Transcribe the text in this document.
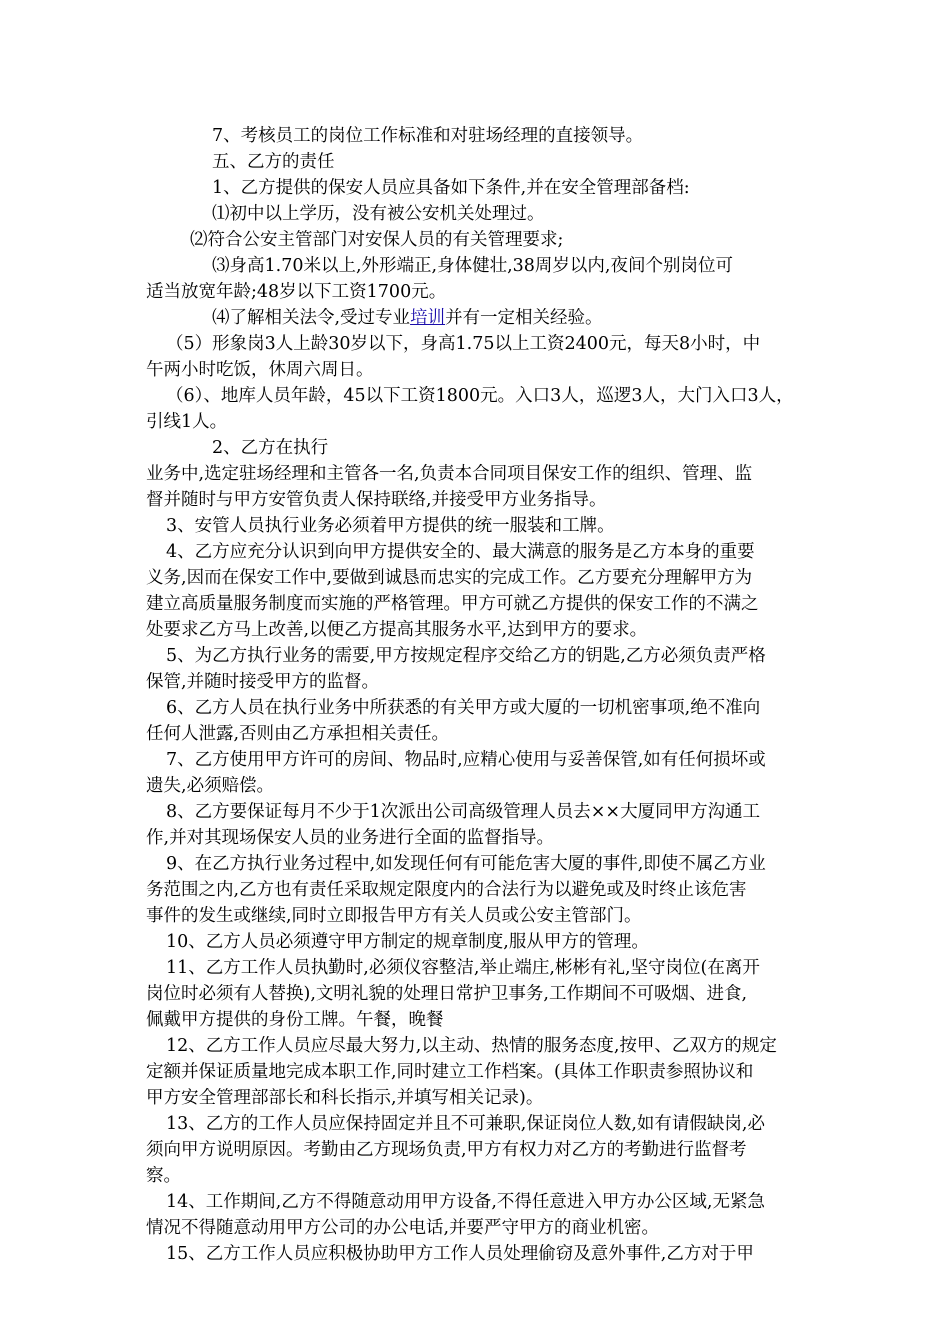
7、考核员工的岗位工作标准和对驻场经理的直接领导。
五、乙方的责任
1、乙方提供的保安人员应具备如下条件,并在安全管理部备档:
⑴初中以上学历，没有被公安机关处理过。
⑵符合公安主管部门对安保人员的有关管理要求;
⑶身高1.70米以上,外形端正,身体健壮,38周岁以内,夜间个别岗位可
适当放宽年龄;48岁以下工资1700元。
⑷了解相关法令,受过专业培训并有一定相关经验。
（5）形象岗3人上龄30岁以下，身高1.75以上工资2400元，每天8小时，中
午两小时吃饭，休周六周日。
（6）、地库人员年龄，45以下工资1800元。入口3人，巡逻3人，大门入口3人，
引线1人。
2、乙方在执行
业务中,选定驻场经理和主管各一名,负责本合同项目保安工作的组织、管理、监
督并随时与甲方安管负责人保持联络,并接受甲方业务指导。
3、安管人员执行业务必须着甲方提供的统一服装和工牌。
4、乙方应充分认识到向甲方提供安全的、最大满意的服务是乙方本身的重要
义务,因而在保安工作中,要做到诚恳而忠实的完成工作。乙方要充分理解甲方为
建立高质量服务制度而实施的严格管理。甲方可就乙方提供的保安工作的不满之
处要求乙方马上改善,以便乙方提高其服务水平,达到甲方的要求。
5、为乙方执行业务的需要,甲方按规定程序交给乙方的钥匙,乙方必须负责严格
保管,并随时接受甲方的监督。
6、乙方人员在执行业务中所获悉的有关甲方或大厦的一切机密事项,绝不准向
任何人泄露,否则由乙方承担相关责任。
7、乙方使用甲方许可的房间、物品时,应精心使用与妥善保管,如有任何损坏或
遗失,必须赔偿。
8、乙方要保证每月不少于1次派出公司高级管理人员去××大厦同甲方沟通工
作,并对其现场保安人员的业务进行全面的监督指导。
9、在乙方执行业务过程中,如发现任何有可能危害大厦的事件,即使不属乙方业
务范围之内,乙方也有责任采取规定限度内的合法行为以避免或及时终止该危害
事件的发生或继续,同时立即报告甲方有关人员或公安主管部门。
10、乙方人员必须遵守甲方制定的规章制度,服从甲方的管理。
11、乙方工作人员执勤时,必须仪容整洁,举止端庄,彬彬有礼,坚守岗位(在离开
岗位时必须有人替换),文明礼貌的处理日常护卫事务,工作期间不可吸烟、进食,
佩戴甲方提供的身份工牌。午餐，晚餐
12、乙方工作人员应尽最大努力,以主动、热情的服务态度,按甲、乙双方的规定
定额并保证质量地完成本职工作,同时建立工作档案。(具体工作职责参照协议和
甲方安全管理部部长和科长指示,并填写相关记录)。
13、乙方的工作人员应保持固定并且不可兼职,保证岗位人数,如有请假缺岗,必
须向甲方说明原因。考勤由乙方现场负责,甲方有权力对乙方的考勤进行监督考
察。
14、工作期间,乙方不得随意动用甲方设备,不得任意进入甲方办公区域,无紧急
情况不得随意动用甲方公司的办公电话,并要严守甲方的商业机密。
15、乙方工作人员应积极协助甲方工作人员处理偷窃及意外事件,乙方对于甲
